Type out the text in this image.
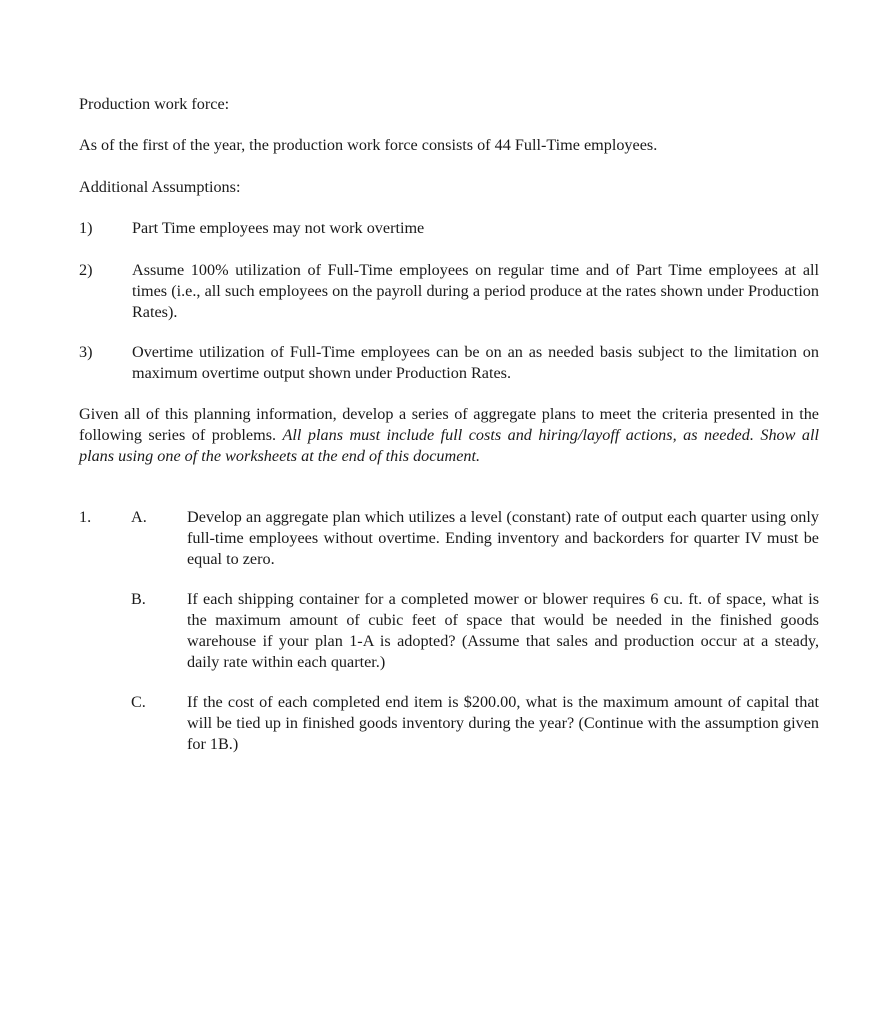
Production work force:

As of the first of the year, the production work force consists of 44 Full-Time employees.

Additional Assumptions:

1) Part Time employees may not work overtime
2) Assume 100% utilization of Full-Time employees on regular time and of Part Time employees at all times (i.e., all such employees on the payroll during a period produce at the rates shown under Production Rates).
3) Overtime utilization of Full-Time employees can be on an as needed basis subject to the limitation on maximum overtime output shown under Production Rates.

Given all of this planning information, develop a series of aggregate plans to meet the criteria presented in the following series of problems. All plans must include full costs and hiring/layoff actions, as needed. Show all plans using one of the worksheets at the end of this document.

1. A. Develop an aggregate plan which utilizes a level (constant) rate of output each quarter using only full-time employees without overtime. Ending inventory and backorders for quarter IV must be equal to zero.
B.	If each shipping container for a completed mower or blower requires 6 cu. ft. of space, what is the maximum amount of cubic feet of space that would be needed in the finished goods warehouse if your plan 1-A is adopted? (Assume that sales and production occur at a steady, daily rate within each quarter.)
C.	If the cost of each completed end item is $200.00, what is the maximum amount of capital that will be tied up in finished goods inventory during the year? (Continue with the assumption given for 1B.)
